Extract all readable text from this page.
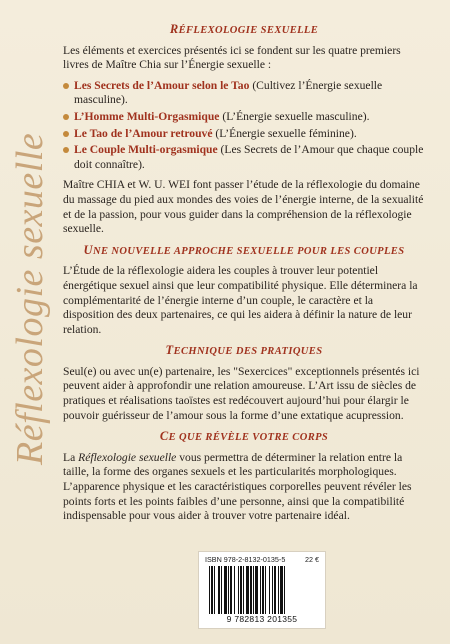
Réflexologie sexuelle
RÉFLEXOLOGIE SEXUELLE

Les éléments et exercices présentés ici se fondent sur les quatre premiers livres de Maître Chia sur l’Énergie sexuelle :

Les Secrets de l’Amour selon le Tao (Cultivez l’Énergie sexuelle masculine).
L’Homme Multi-Orgasmique (L’Énergie sexuelle masculine).
Le Tao de l’Amour retrouvé (L’Énergie sexuelle féminine).
Le Couple Multi-orgasmique (Les Secrets de l’Amour que chaque couple doit connaître).

Maître CHIA et W. U. WEI font passer l’étude de la réflexologie du domaine du massage du pied aux mondes des voies de l’énergie interne, de la sexualité et de la passion, pour vous guider dans la compréhension de la réflexologie sexuelle.

UNE NOUVELLE APPROCHE SEXUELLE POUR LES COUPLES

L’Étude de la réflexologie aidera les couples à trouver leur potentiel énergétique sexuel ainsi que leur compatibilité physique. Elle déterminera la complémentarité de l’énergie interne d’un couple, le caractère et la disposition des deux partenaires, ce qui les aidera à définir la nature de leur relation.

TECHNIQUE DES PRATIQUES

Seul(e) ou avec un(e) partenaire, les "Sexercices" exceptionnels présentés ici peuvent aider à approfondir une relation amoureuse. L’Art issu de siècles de pratiques et réalisations taoïstes est redécouvert aujourd’hui pour élargir le pouvoir guérisseur de l’amour sous la forme d’une extatique acupression.

CE QUE RÉVÈLE VOTRE CORPS

La Réflexologie sexuelle vous permettra de déterminer la relation entre la taille, la forme des organes sexuels et les particularités morphologiques. L’apparence physique et les caractéristiques corporelles peuvent révéler les points forts et les points faibles d’une personne, ainsi que la compatibilité indispensable pour vous aider à trouver votre partenaire idéal.

ISBN 978-2-8132-0135-5	22 €
9 782813 201355
